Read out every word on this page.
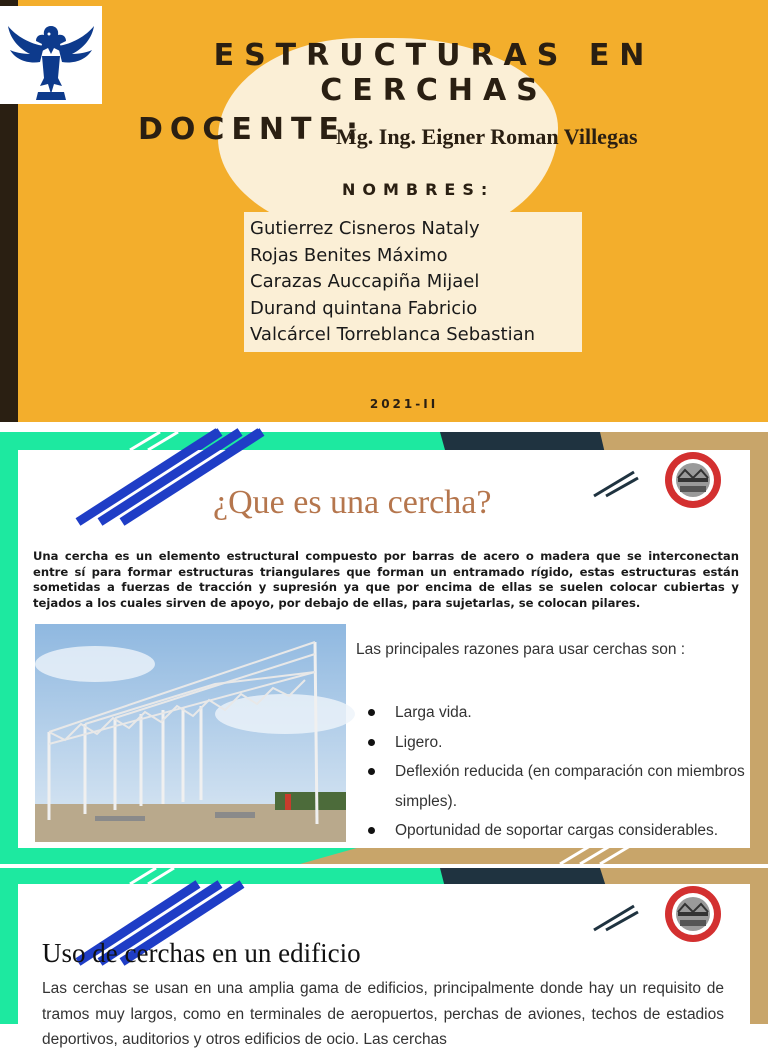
ESTRUCTURAS EN CERCHAS
DOCENTE:
Mg. Ing. Eigner Roman Villegas
NOMBRES:
Gutierrez Cisneros Nataly
Rojas Benites Máximo
Carazas Auccapiña Mijael
Durand quintana Fabricio
Valcárcel Torreblanca Sebastian
2021-II
¿Que es una cercha?
Una cercha es un elemento estructural compuesto por barras de acero o madera que se interconectan entre sí para formar estructuras triangulares que forman un entramado rígido, estas estructuras están sometidas a fuerzas de tracción y supresión ya que por encima de ellas se suelen colocar cubiertas y tejados a los cuales sirven de apoyo, por debajo de ellas, para sujetarlas, se colocan pilares.
Las principales razones para usar cerchas son :
Larga vida.
Ligero.
Deflexión reducida (en comparación con miembros simples).
Oportunidad de soportar cargas considerables.
Uso de cerchas en un edificio
Las cerchas se usan en una amplia gama de edificios, principalmente donde hay un requisito de tramos muy largos, como en terminales de aeropuertos, perchas de aviones, techos de estadios deportivos, auditorios y otros edificios de ocio. Las cerchas
